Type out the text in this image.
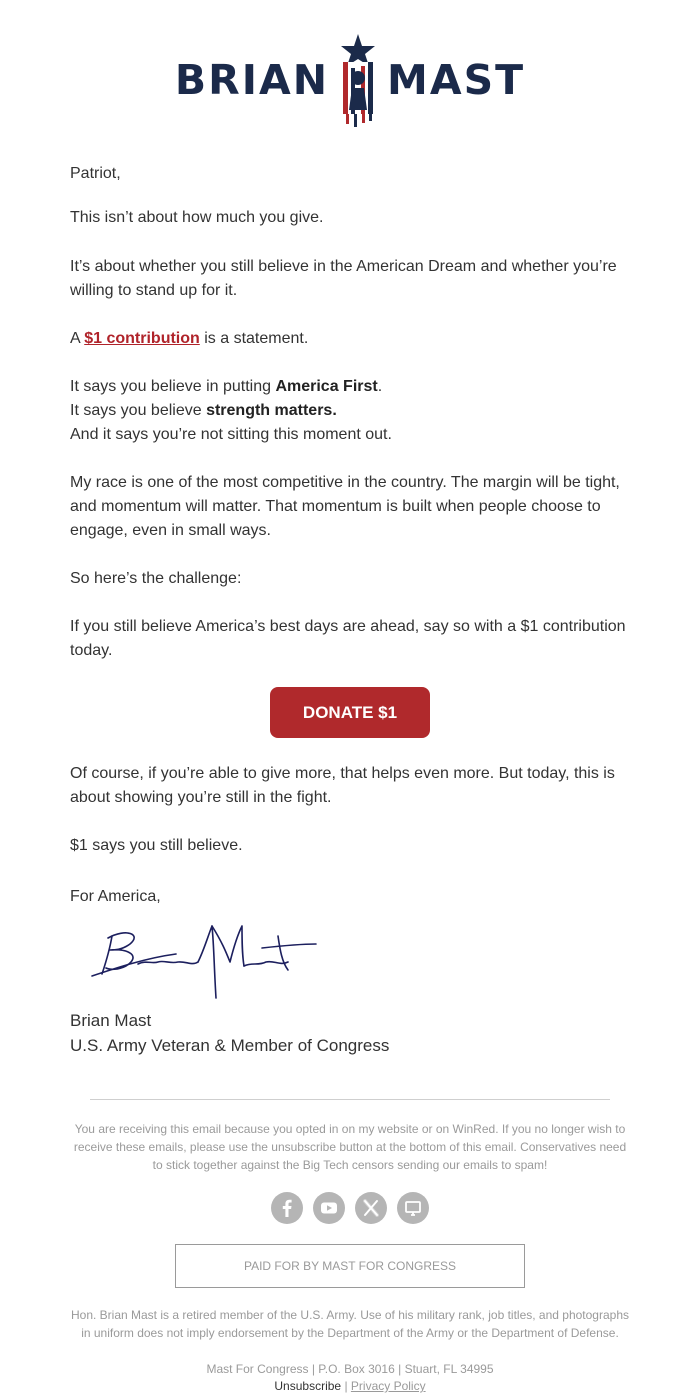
BRIAN MAST

Patriot,

This isn’t about how much you give.

It’s about whether you still believe in the American Dream and whether you’re willing to stand up for it.

A $1 contribution is a statement.

It says you believe in putting America First.
It says you believe strength matters.
And it says you’re not sitting this moment out.

My race is one of the most competitive in the country. The margin will be tight, and momentum will matter. That momentum is built when people choose to engage, even in small ways.

So here’s the challenge:

If you still believe America’s best days are ahead, say so with a $1 contribution today.

DONATE $1

Of course, if you’re able to give more, that helps even more. But today, this is about showing you’re still in the fight.

$1 says you still believe.

For America,

Brian Mast

U.S. Army Veteran & Member of Congress

You are receiving this email because you opted in on my website or on WinRed. If you no longer wish to receive these emails, please use the unsubscribe button at the bottom of this email. Conservatives need to stick together against the Big Tech censors sending our emails to spam!

PAID FOR BY MAST FOR CONGRESS

Hon. Brian Mast is a retired member of the U.S. Army. Use of his military rank, job titles, and photographs in uniform does not imply endorsement by the Department of the Army or the Department of Defense.

Mast For Congress | P.O. Box 3016 | Stuart, FL 34995

Unsubscribe | Privacy Policy
